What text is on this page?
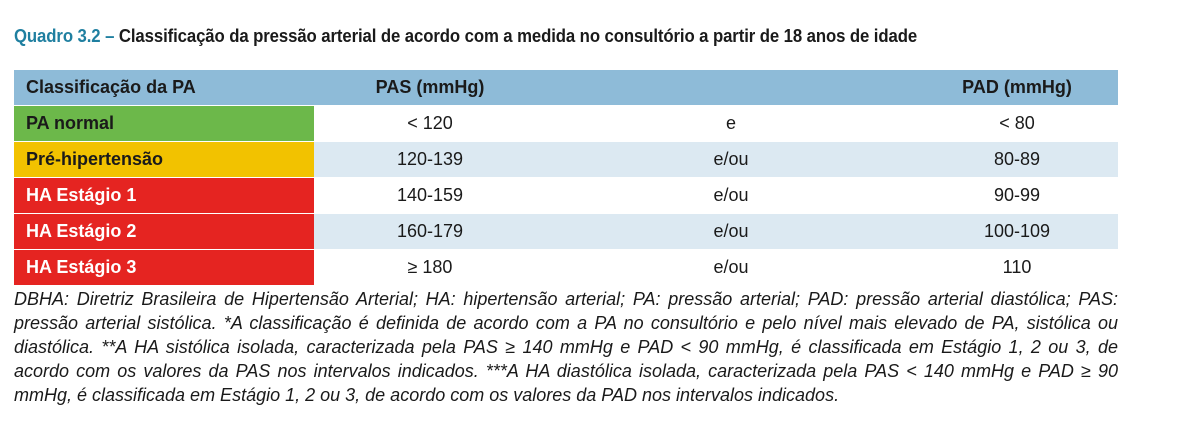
Quadro 3.2 – Classificação da pressão arterial de acordo com a medida no consultório a partir de 18 anos de idade
Classificação da PA	PAS (mmHg)		PAD (mmHg)
PA normal	< 120	e	< 80
Pré-hipertensão	120-139	e/ou	80-89
HA Estágio 1	140-159	e/ou	90-99
HA Estágio 2	160-179	e/ou	100-109
HA Estágio 3	≥ 180	e/ou	110
DBHA: Diretriz Brasileira de Hipertensão Arterial; HA: hipertensão arterial; PA: pressão arterial; PAD: pressão arterial diastólica; PAS: pressão arterial sistólica. *A classificação é definida de acordo com a PA no consultório e pelo nível mais elevado de PA, sistólica ou diastólica. **A HA sistólica isolada, caracterizada pela PAS ≥ 140 mmHg e PAD < 90 mmHg, é classificada em Estágio 1, 2 ou 3, de acordo com os valores da PAS nos intervalos indicados. ***A HA diastólica isolada, caracterizada pela PAS < 140 mmHg e PAD ≥ 90 mmHg, é classificada em Estágio 1, 2 ou 3, de acordo com os valores da PAD nos intervalos indicados.
